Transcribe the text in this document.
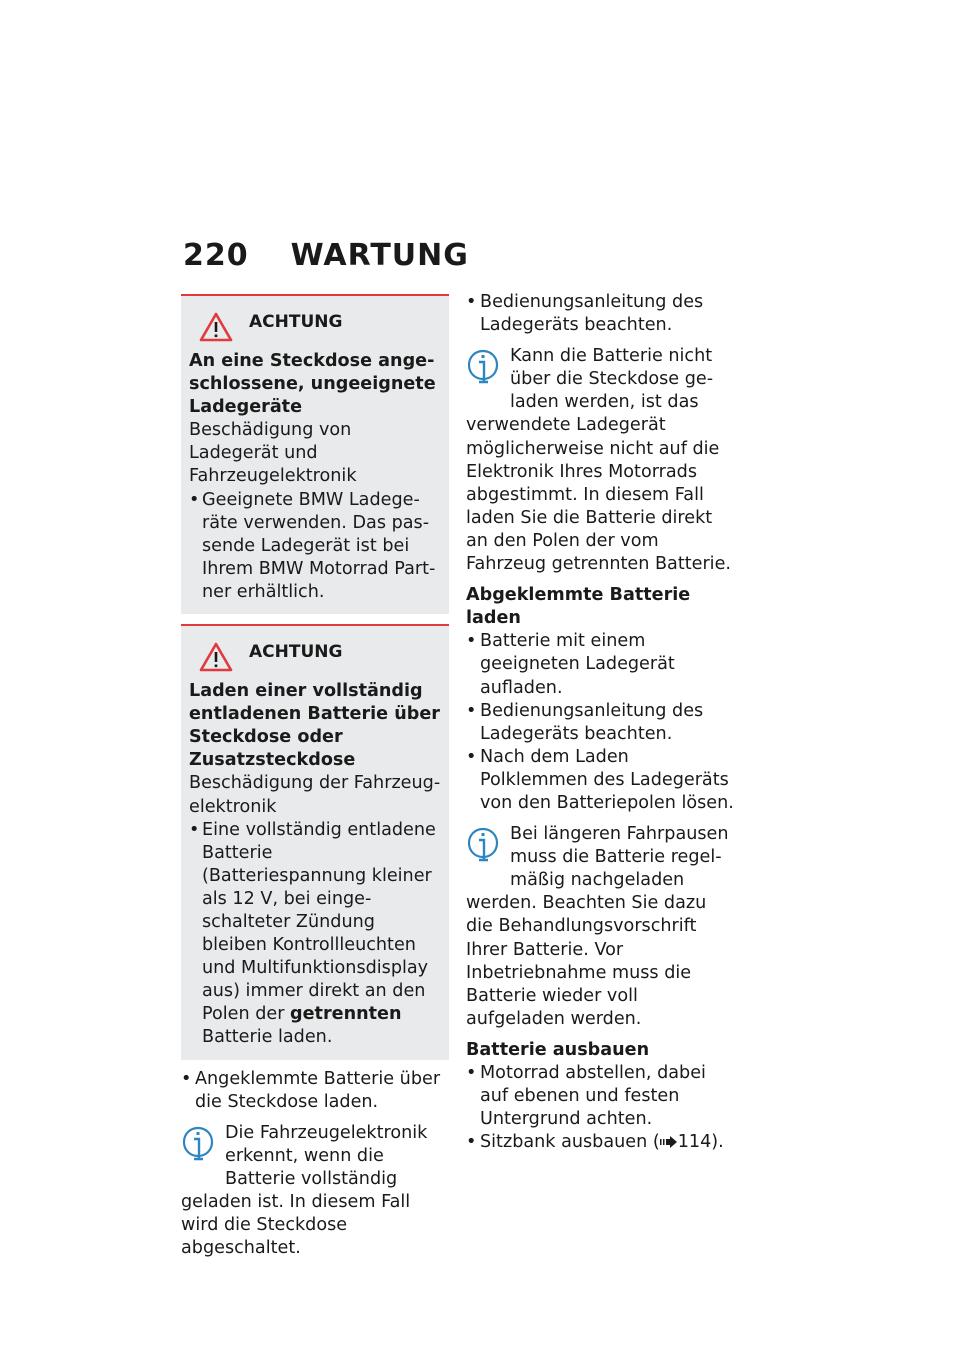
220 WARTUNG
ACHTUNG
An eine Steckdose angeschlossene, ungeeignete Ladegeräte
Beschädigung von Ladegerät und Fahrzeugelektronik
• Geeignete BMW Ladegeräte verwenden. Das passende Ladegerät ist bei Ihrem BMW Motorrad Partner erhältlich.
ACHTUNG
Laden einer vollständig entladenen Batterie über Steckdose oder Zusatzsteckdose
Beschädigung der Fahrzeugelektronik
• Eine vollständig entladene Batterie (Batteriespannung kleiner als 12 V, bei eingeschalteter Zündung bleiben Kontrollleuchten und Multifunktionsdisplay aus) immer direkt an den Polen der getrennten Batterie laden.
• Angeklemmte Batterie über die Steckdose laden.
Die Fahrzeugelektronik erkennt, wenn die Batterie vollständig geladen ist. In diesem Fall wird die Steckdose abgeschaltet.
• Bedienungsanleitung des Ladegeräts beachten.
Kann die Batterie nicht über die Steckdose geladen werden, ist das verwendete Ladegerät möglicherweise nicht auf die Elektronik Ihres Motorrads abgestimmt. In diesem Fall laden Sie die Batterie direkt an den Polen der vom Fahrzeug getrennten Batterie.
Abgeklemmte Batterie laden
• Batterie mit einem geeigneten Ladegerät aufladen.
• Bedienungsanleitung des Ladegeräts beachten.
• Nach dem Laden Polklemmen des Ladegeräts von den Batteriepolen lösen.
Bei längeren Fahrpausen muss die Batterie regelmäßig nachgeladen werden. Beachten Sie dazu die Behandlungsvorschrift Ihrer Batterie. Vor Inbetriebnahme muss die Batterie wieder voll aufgeladen werden.
Batterie ausbauen
• Motorrad abstellen, dabei auf ebenen und festen Untergrund achten.
• Sitzbank ausbauen ( 114).
